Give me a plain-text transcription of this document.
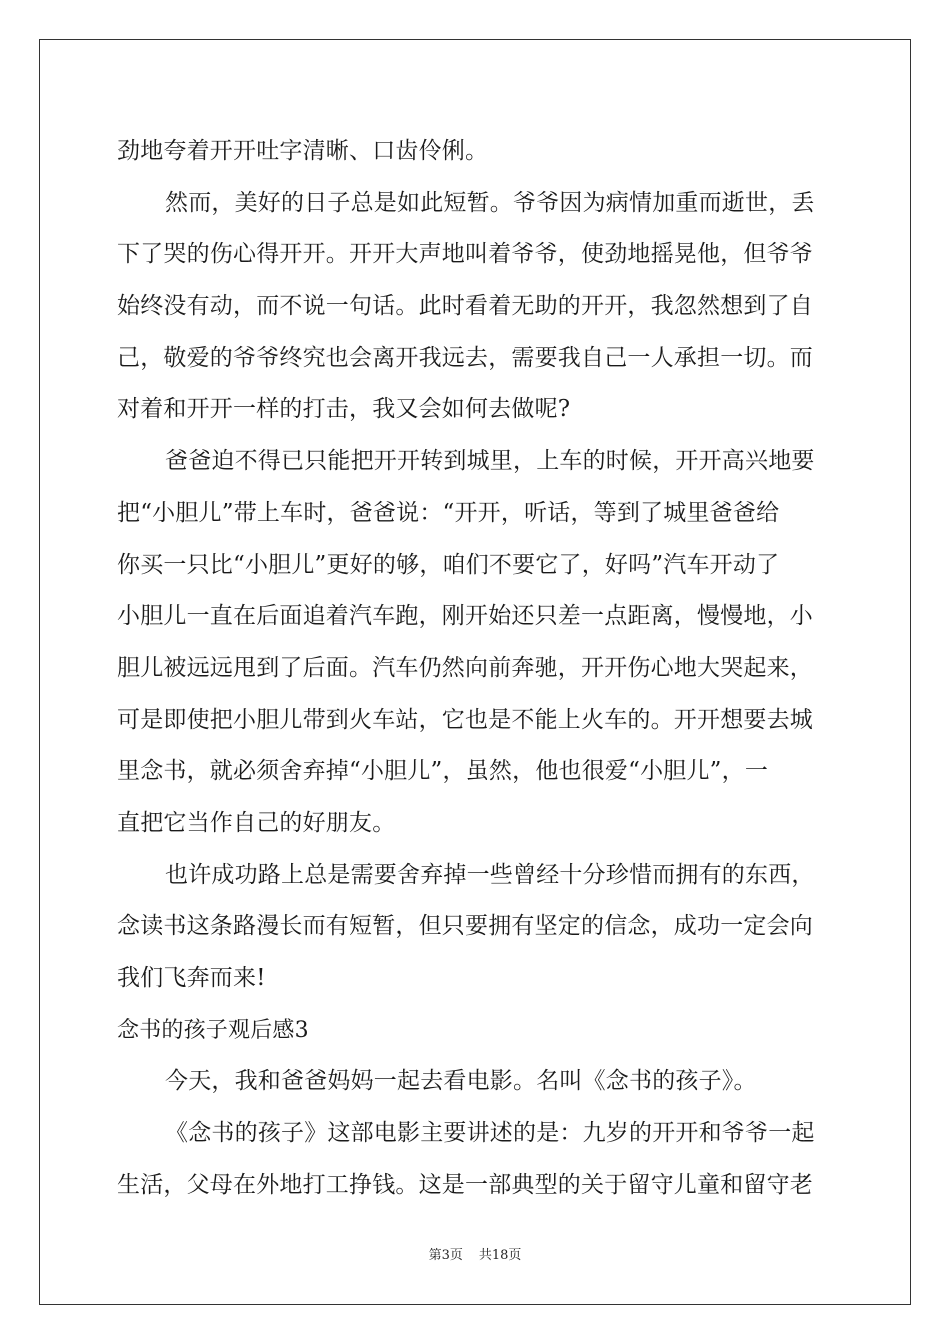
劲地夸着开开吐字清晰、口齿伶俐。
然而，美好的日子总是如此短暂。爷爷因为病情加重而逝世，丢
下了哭的伤心得开开。开开大声地叫着爷爷，使劲地摇晃他，但爷爷
始终没有动，而不说一句话。此时看着无助的开开，我忽然想到了自
己，敬爱的爷爷终究也会离开我远去，需要我自己一人承担一切。而
对着和开开一样的打击，我又会如何去做呢?
爸爸迫不得已只能把开开转到城里，上车的时候，开开高兴地要
把“小胆儿”带上车时，爸爸说：“开开，听话，等到了城里爸爸给
你买一只比“小胆儿”更好的够，咱们不要它了，好吗”汽车开动了
小胆儿一直在后面追着汽车跑，刚开始还只差一点距离，慢慢地，小
胆儿被远远甩到了后面。汽车仍然向前奔驰，开开伤心地大哭起来，
可是即使把小胆儿带到火车站，它也是不能上火车的。开开想要去城
里念书，就必须舍弃掉“小胆儿”，虽然，他也很爱“小胆儿”，一
直把它当作自己的好朋友。
也许成功路上总是需要舍弃掉一些曾经十分珍惜而拥有的东西，
念读书这条路漫长而有短暂，但只要拥有坚定的信念，成功一定会向
我们飞奔而来!
念书的孩子观后感3
今天，我和爸爸妈妈一起去看电影。名叫《念书的孩子》。
《念书的孩子》这部电影主要讲述的是：九岁的开开和爷爷一起
生活，父母在外地打工挣钱。这是一部典型的关于留守儿童和留守老
第3页 共18页
